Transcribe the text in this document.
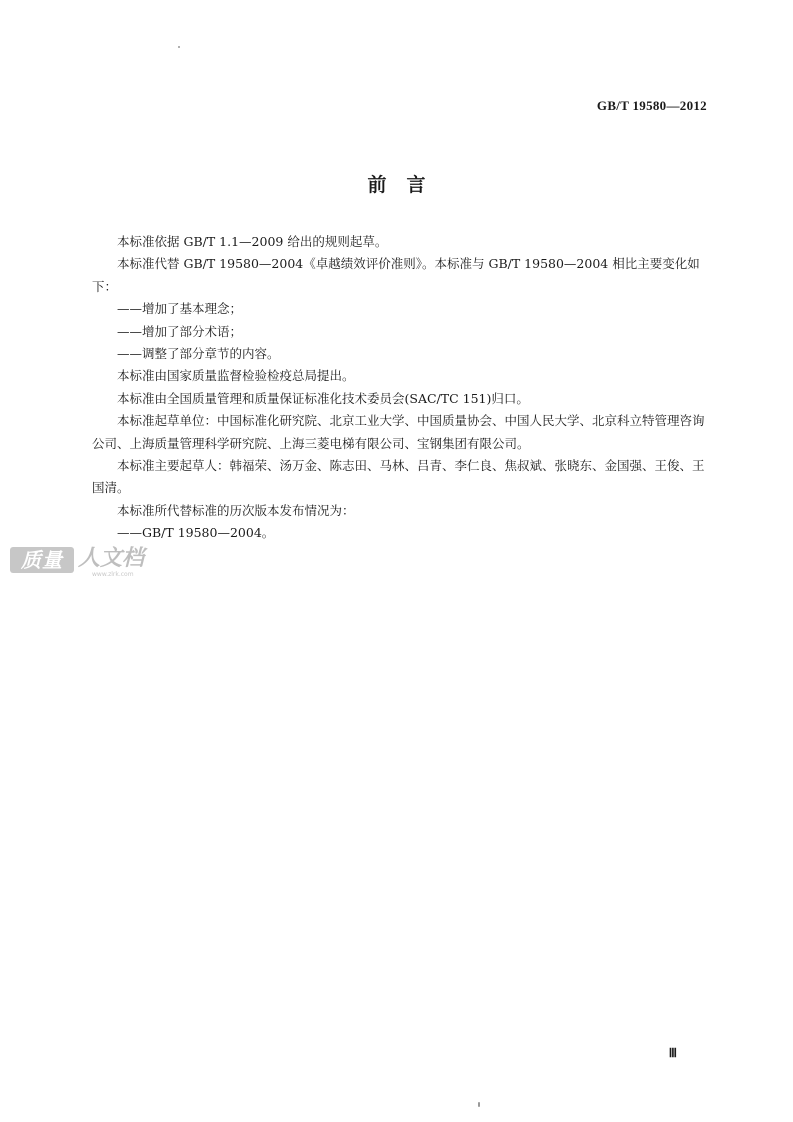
GB/T 19580—2012
前言

本标准依据 GB/T 1.1—2009 给出的规则起草。

本标准代替 GB/T 19580—2004《卓越绩效评价准则》。本标准与 GB/T 19580—2004 相比主要变化如下：

——增加了基本理念；

——增加了部分术语；

——调整了部分章节的内容。

本标准由国家质量监督检验检疫总局提出。

本标准由全国质量管理和质量保证标准化技术委员会(SAC/TC 151)归口。

本标准起草单位：中国标准化研究院、北京工业大学、中国质量协会、中国人民大学、北京科立特管理咨询公司、上海质量管理科学研究院、上海三菱电梯有限公司、宝钢集团有限公司。

本标准主要起草人：韩福荣、汤万金、陈志田、马林、吕青、李仁良、焦叔斌、张晓东、金国强、王俊、王国清。

本标准所代替标准的历次版本发布情况为：

——GB/T 19580—2004。

质量 人文档
www.zlrk.com
Ⅲ
